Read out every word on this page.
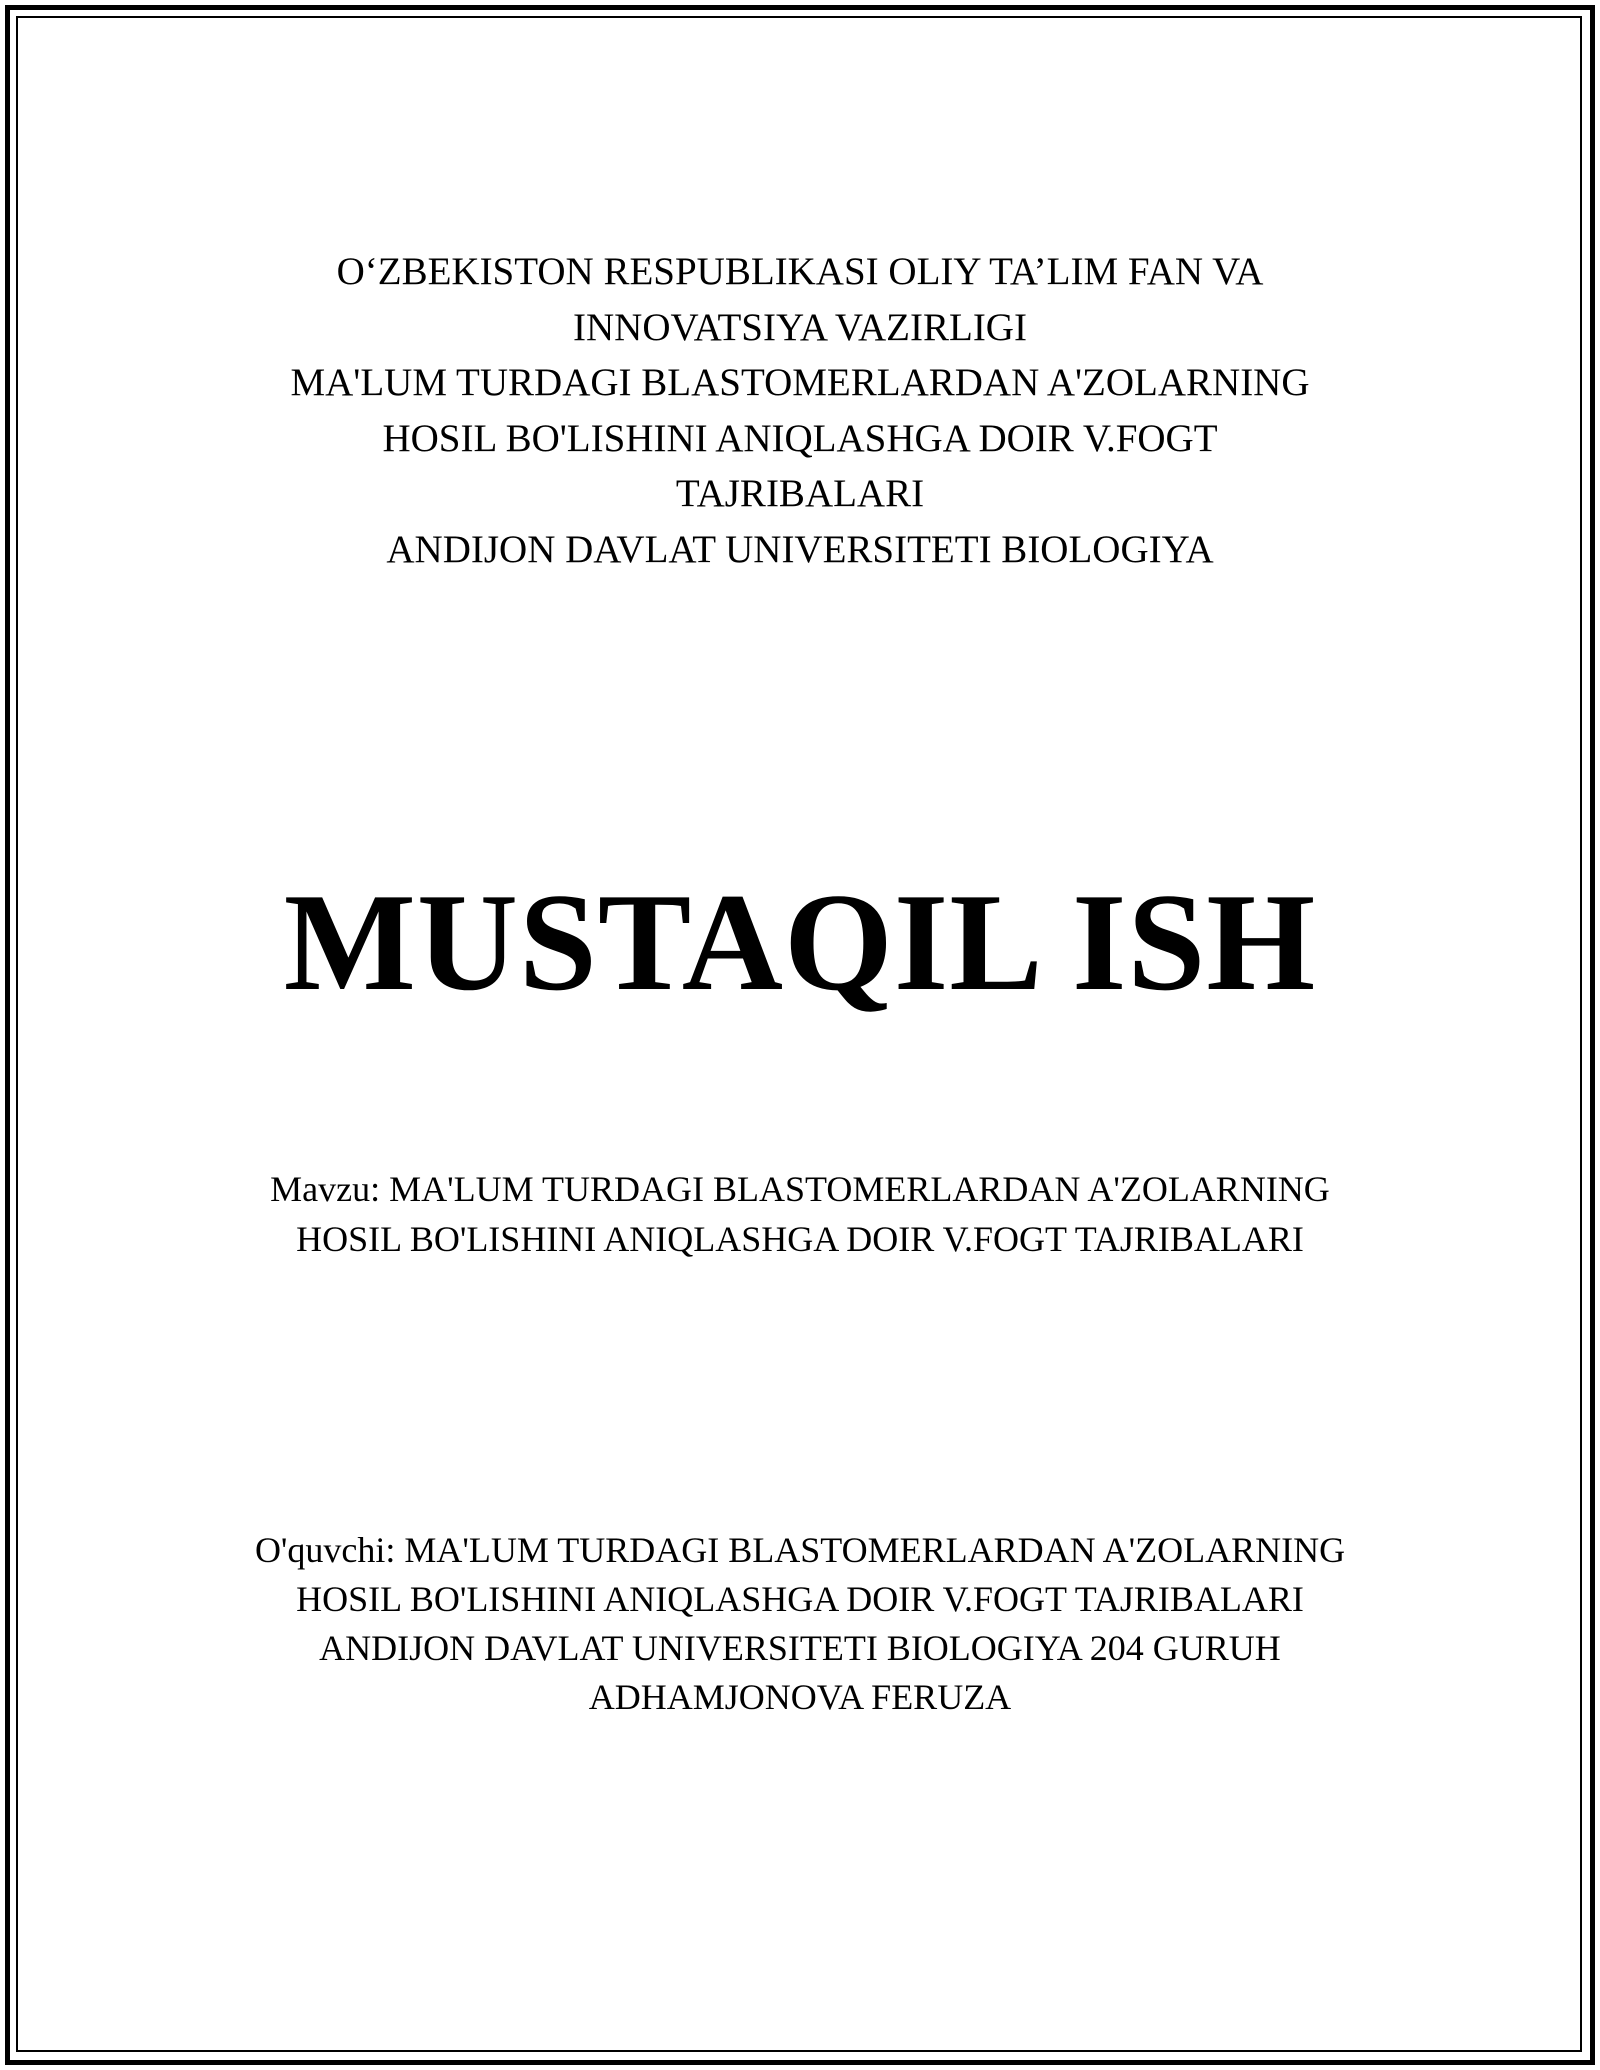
O‘ZBEKISTON RESPUBLIKASI OLIY TA’LIM FAN VA
INNOVATSIYA VAZIRLIGI
MA'LUM TURDAGI BLASTOMERLARDAN A'ZOLARNING
HOSIL BO'LISHINI ANIQLASHGA DOIR V.FOGT
TAJRIBALARI
ANDIJON DAVLAT UNIVERSITETI BIOLOGIYA
MUSTAQIL ISH
Mavzu: MA'LUM TURDAGI BLASTOMERLARDAN A'ZOLARNING
HOSIL BO'LISHINI ANIQLASHGA DOIR V.FOGT TAJRIBALARI
O'quvchi: MA'LUM TURDAGI BLASTOMERLARDAN A'ZOLARNING
HOSIL BO'LISHINI ANIQLASHGA DOIR V.FOGT TAJRIBALARI
ANDIJON DAVLAT UNIVERSITETI BIOLOGIYA 204 GURUH
ADHAMJONOVA FERUZA
